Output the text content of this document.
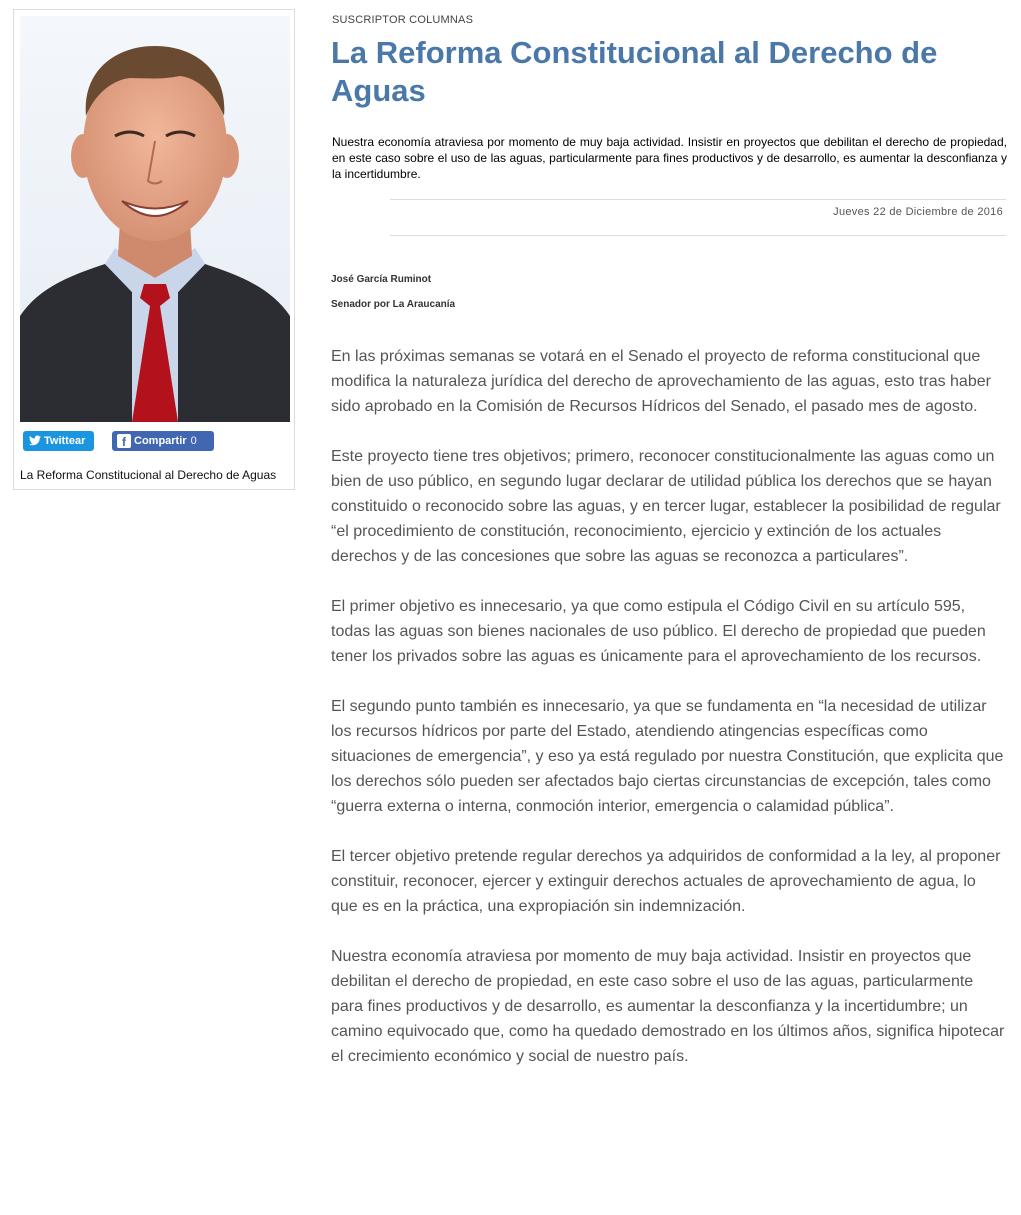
Twittear	f Compartir 0
La Reforma Constitucional al Derecho de Aguas
SUSCRIPTOR COLUMNAS
La Reforma Constitucional al Derecho de Aguas

Nuestra economía atraviesa por momento de muy baja actividad. Insistir en proyectos que debilitan el derecho de propiedad, en este caso sobre el uso de las aguas, particularmente para fines productivos y de desarrollo, es aumentar la desconfianza y la incertidumbre.

Jueves 22 de Diciembre de 2016
José García Ruminot
Senador por La Araucanía

En las próximas semanas se votará en el Senado el proyecto de reforma constitucional que modifica la naturaleza jurídica del derecho de aprovechamiento de las aguas, esto tras haber sido aprobado en la Comisión de Recursos Hídricos del Senado, el pasado mes de agosto.

Este proyecto tiene tres objetivos; primero, reconocer constitucionalmente las aguas como un bien de uso público, en segundo lugar declarar de utilidad pública los derechos que se hayan constituido o reconocido sobre las aguas, y en tercer lugar, establecer la posibilidad de regular “el procedimiento de constitución, reconocimiento, ejercicio y extinción de los actuales derechos y de las concesiones que sobre las aguas se reconozca a particulares”.

El primer objetivo es innecesario, ya que como estipula el Código Civil en su artículo 595, todas las aguas son bienes nacionales de uso público. El derecho de propiedad que pueden tener los privados sobre las aguas es únicamente para el aprovechamiento de los recursos.

El segundo punto también es innecesario, ya que se fundamenta en “la necesidad de utilizar los recursos hídricos por parte del Estado, atendiendo atingencias específicas como situaciones de emergencia”, y eso ya está regulado por nuestra Constitución, que explicita que los derechos sólo pueden ser afectados bajo ciertas circunstancias de excepción, tales como “guerra externa o interna, conmoción interior, emergencia o calamidad pública”.

El tercer objetivo pretende regular derechos ya adquiridos de conformidad a la ley, al proponer constituir, reconocer, ejercer y extinguir derechos actuales de aprovechamiento de agua, lo que es en la práctica, una expropiación sin indemnización.

Nuestra economía atraviesa por momento de muy baja actividad. Insistir en proyectos que debilitan el derecho de propiedad, en este caso sobre el uso de las aguas, particularmente para fines productivos y de desarrollo, es aumentar la desconfianza y la incertidumbre; un camino equivocado que, como ha quedado demostrado en los últimos años, significa hipotecar el crecimiento económico y social de nuestro país.
